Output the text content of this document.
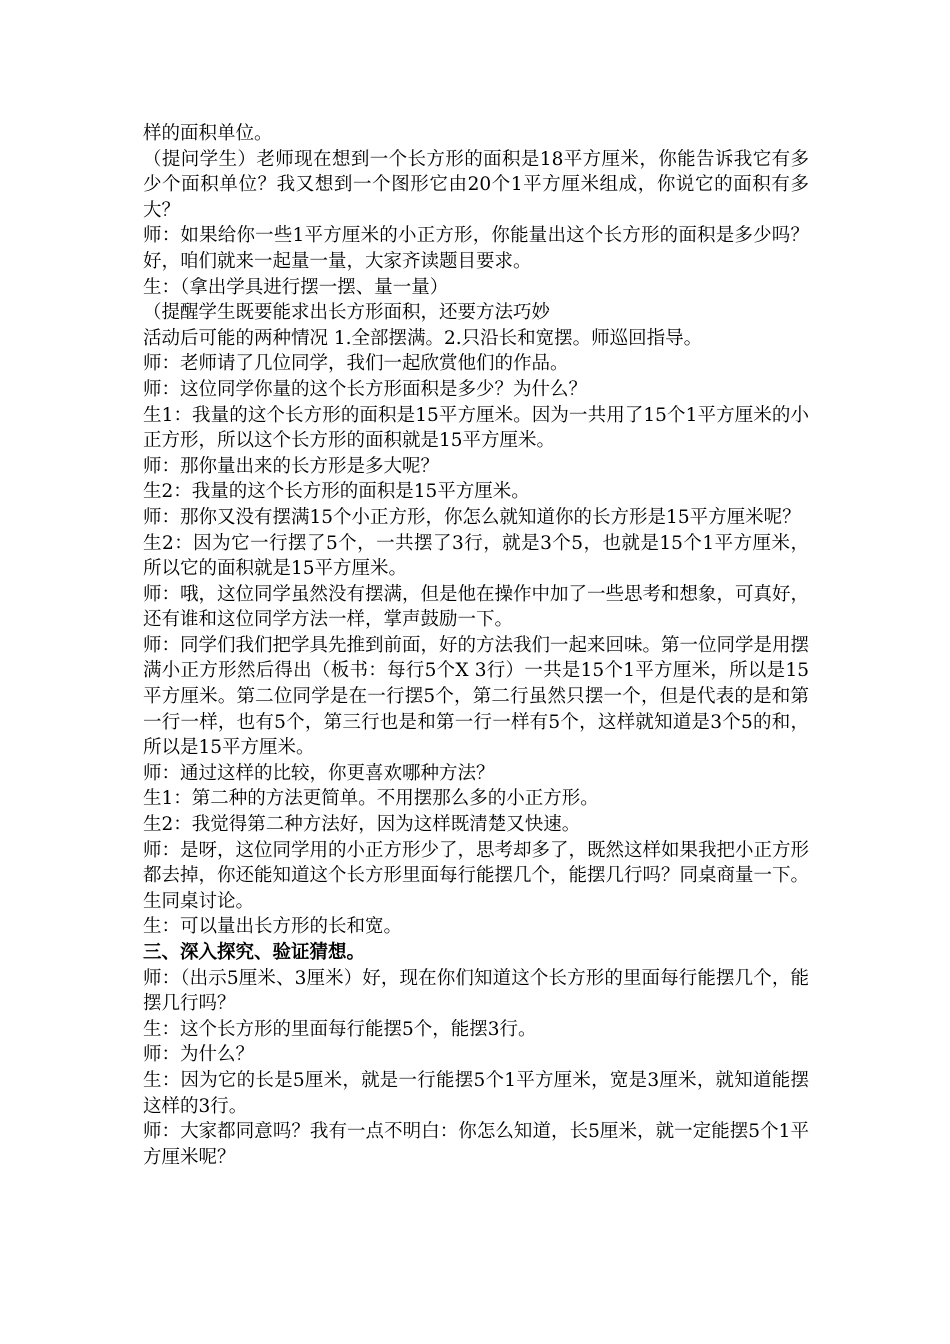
样的面积单位。

（提问学生）老师现在想到一个长方形的面积是18平方厘米，你能告诉我它有多少个面积单位？我又想到一个图形它由20个1平方厘米组成，你说它的面积有多大？

师：如果给你一些1平方厘米的小正方形，你能量出这个长方形的面积是多少吗？好，咱们就来一起量一量，大家齐读题目要求。

生：（拿出学具进行摆一摆、量一量）

（提醒学生既要能求出长方形面积，还要方法巧妙

活动后可能的两种情况 1.全部摆满。2.只沿长和宽摆。师巡回指导。

师：老师请了几位同学，我们一起欣赏他们的作品。

师：这位同学你量的这个长方形面积是多少？为什么？

生1：我量的这个长方形的面积是15平方厘米。因为一共用了15个1平方厘米的小正方形，所以这个长方形的面积就是15平方厘米。

师：那你量出来的长方形是多大呢？

生2：我量的这个长方形的面积是15平方厘米。

师：那你又没有摆满15个小正方形，你怎么就知道你的长方形是15平方厘米呢？

生2：因为它一行摆了5个，一共摆了3行，就是3个5，也就是15个1平方厘米，所以它的面积就是15平方厘米。

师：哦，这位同学虽然没有摆满，但是他在操作中加了一些思考和想象，可真好，还有谁和这位同学方法一样，掌声鼓励一下。

师：同学们我们把学具先推到前面，好的方法我们一起来回味。第一位同学是用摆满小正方形然后得出（板书：每行5个X 3行）一共是15个1平方厘米，所以是15平方厘米。第二位同学是在一行摆5个，第二行虽然只摆一个，但是代表的是和第一行一样，也有5个，第三行也是和第一行一样有5个，这样就知道是3个5的和，所以是15平方厘米。

师：通过这样的比较，你更喜欢哪种方法？

生1：第二种的方法更简单。不用摆那么多的小正方形。

生2：我觉得第二种方法好，因为这样既清楚又快速。

师：是呀，这位同学用的小正方形少了，思考却多了，既然这样如果我把小正方形都去掉，你还能知道这个长方形里面每行能摆几个，能摆几行吗？同桌商量一下。

生同桌讨论。

生：可以量出长方形的长和宽。

三、深入探究、验证猜想。

师：（出示5厘米、3厘米）好，现在你们知道这个长方形的里面每行能摆几个，能摆几行吗？

生：这个长方形的里面每行能摆5个，能摆3行。

师：为什么？

生：因为它的长是5厘米，就是一行能摆5个1平方厘米，宽是3厘米，就知道能摆这样的3行。

师：大家都同意吗？我有一点不明白：你怎么知道，长5厘米，就一定能摆5个1平方厘米呢？
